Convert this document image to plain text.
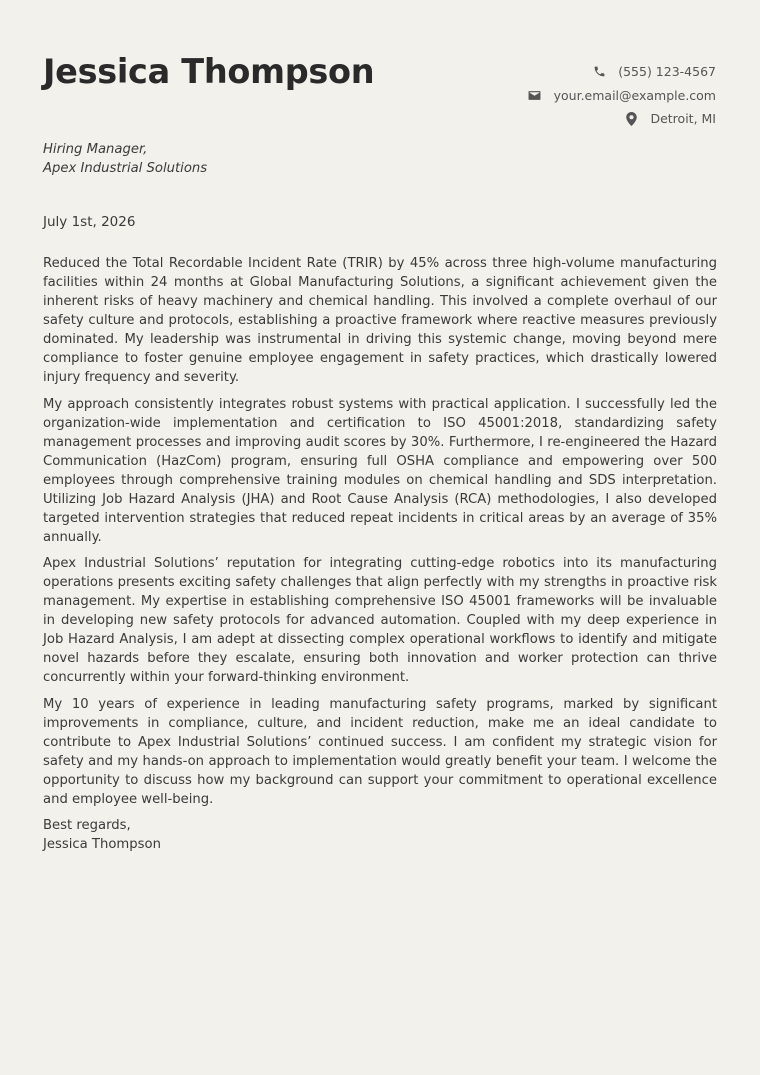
Jessica Thompson	(555) 123-4567
your.email@example.com
Detroit, MI
Hiring Manager,
Apex Industrial Solutions
July 1st, 2026

Reduced the Total Recordable Incident Rate (TRIR) by 45% across three high-volume manufacturing facilities within 24 months at Global Manufacturing Solutions, a significant achievement given the inherent risks of heavy machinery and chemical handling. This involved a complete overhaul of our safety culture and protocols, establishing a proactive framework where reactive measures previously dominated. My leadership was instrumental in driving this systemic change, moving beyond mere compliance to foster genuine employee engagement in safety practices, which drastically lowered injury frequency and severity.

My approach consistently integrates robust systems with practical application. I successfully led the organization-wide implementation and certification to ISO 45001:2018, standardizing safety management processes and improving audit scores by 30%. Furthermore, I re-engineered the Hazard Communication (HazCom) program, ensuring full OSHA compliance and empowering over 500 employees through comprehensive training modules on chemical handling and SDS interpretation. Utilizing Job Hazard Analysis (JHA) and Root Cause Analysis (RCA) methodologies, I also developed targeted intervention strategies that reduced repeat incidents in critical areas by an average of 35% annually.

Apex Industrial Solutions’ reputation for integrating cutting-edge robotics into its manufacturing operations presents exciting safety challenges that align perfectly with my strengths in proactive risk management. My expertise in establishing comprehensive ISO 45001 frameworks will be invaluable in developing new safety protocols for advanced automation. Coupled with my deep experience in Job Hazard Analysis, I am adept at dissecting complex operational workflows to identify and mitigate novel hazards before they escalate, ensuring both innovation and worker protection can thrive concurrently within your forward-thinking environment.

My 10 years of experience in leading manufacturing safety programs, marked by significant improvements in compliance, culture, and incident reduction, make me an ideal candidate to contribute to Apex Industrial Solutions’ continued success. I am confident my strategic vision for safety and my hands-on approach to implementation would greatly benefit your team. I welcome the opportunity to discuss how my background can support your commitment to operational excellence and employee well-being.

Best regards,
Jessica Thompson
